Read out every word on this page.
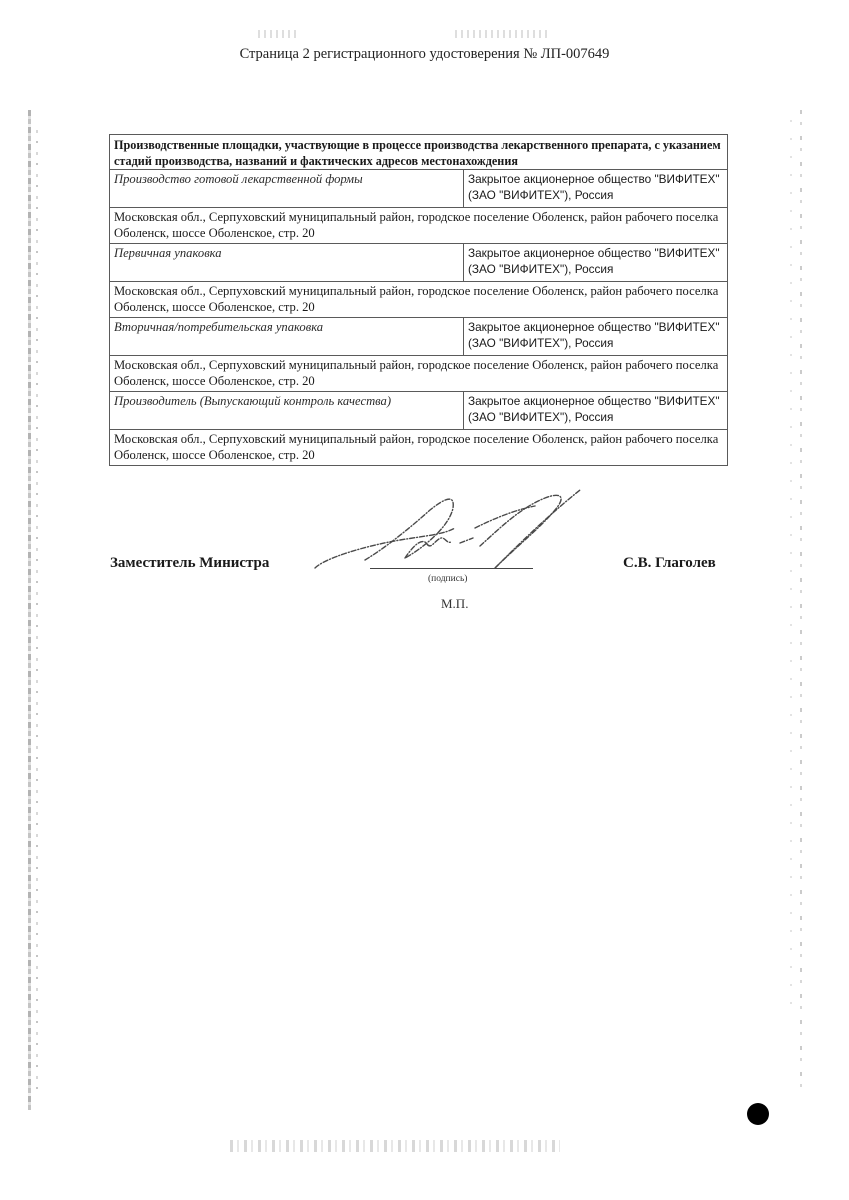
Страница 2 регистрационного удостоверения № ЛП-007649
Производственные площадки, участвующие в процессе производства лекарственного препарата, с указанием стадий производства, названий и фактических адресов местонахождения	
Производство готовой лекарственной формы	Закрытое акционерное общество "ВИФИТЕХ" (ЗАО "ВИФИТЕХ"), Россия
Московская обл., Серпуховский муниципальный район, городское поселение Оболенск, район рабочего поселка Оболенск, шоссе Оболенское, стр. 20	
Первичная упаковка	Закрытое акционерное общество "ВИФИТЕХ" (ЗАО "ВИФИТЕХ"), Россия
Московская обл., Серпуховский муниципальный район, городское поселение Оболенск, район рабочего поселка Оболенск, шоссе Оболенское, стр. 20	
Вторичная/потребительская упаковка	Закрытое акционерное общество "ВИФИТЕХ" (ЗАО "ВИФИТЕХ"), Россия
Московская обл., Серпуховский муниципальный район, городское поселение Оболенск, район рабочего поселка Оболенск, шоссе Оболенское, стр. 20	
Производитель (Выпускающий контроль качества)	Закрытое акционерное общество "ВИФИТЕХ" (ЗАО "ВИФИТЕХ"), Россия
Московская обл., Серпуховский муниципальный район, городское поселение Оболенск, район рабочего поселка Оболенск, шоссе Оболенское, стр. 20	
Заместитель Министра
(подпись)
М.П.
С.В. Глаголев
